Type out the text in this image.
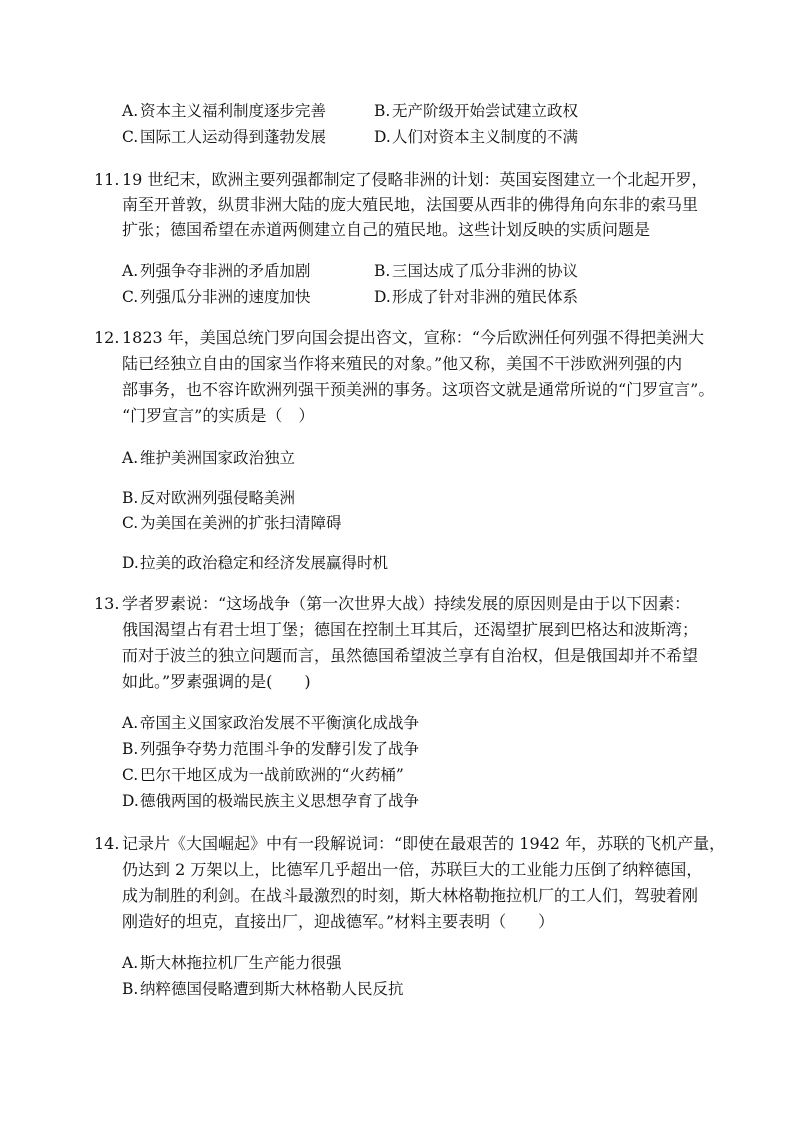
A. 资本主义福利制度逐步完善	B. 无产阶级开始尝试建立政权
C. 国际工人运动得到蓬勃发展	D.人们对资本主义制度的不满
11. 19 世纪末，欧洲主要列强都制定了侵略非洲的计划：英国妄图建立一个北起开罗，
南至开普敦，纵贯非洲大陆的庞大殖民地，法国要从西非的佛得角向东非的索马里
扩张；德国希望在赤道两侧建立自己的殖民地。这些计划反映的实质问题是
A. 列强争夺非洲的矛盾加剧	B. 三国达成了瓜分非洲的协议
C. 列强瓜分非洲的速度加快	D.形成了针对非洲的殖民体系
12. 1823 年，美国总统门罗向国会提出咨文，宣称：“今后欧洲任何列强不得把美洲大
陆已经独立自由的国家当作将来殖民的对象。”他又称，美国不干涉欧洲列强的内
部事务，也不容许欧洲列强干预美洲的事务。这项咨文就是通常所说的“门罗宣言”。
“门罗宣言”的实质是（　）
A. 维护美洲国家政治独立
B. 反对欧洲列强侵略美洲
C. 为美国在美洲的扩张扫清障碍
D.拉美的政治稳定和经济发展赢得时机
13. 学者罗素说：“这场战争（第一次世界大战）持续发展的原因则是由于以下因素：
俄国渴望占有君士坦丁堡；德国在控制土耳其后，还渴望扩展到巴格达和波斯湾；
而对于波兰的独立问题而言，虽然德国希望波兰享有自治权，但是俄国却并不希望
如此。”罗素强调的是(　　)
A. 帝国主义国家政治发展不平衡演化成战争
B. 列强争夺势力范围斗争的发酵引发了战争
C. 巴尔干地区成为一战前欧洲的“火药桶”
D.德俄两国的极端民族主义思想孕育了战争
14. 记录片《大国崛起》中有一段解说词：“即使在最艰苦的 1942 年，苏联的飞机产量，
仍达到 2 万架以上，比德军几乎超出一倍，苏联巨大的工业能力压倒了纳粹德国，
成为制胜的利剑。在战斗最激烈的时刻，斯大林格勒拖拉机厂的工人们，驾驶着刚
刚造好的坦克，直接出厂，迎战德军。”材料主要表明（　　）
A. 斯大林拖拉机厂生产能力很强
B. 纳粹德国侵略遭到斯大林格勒人民反抗
